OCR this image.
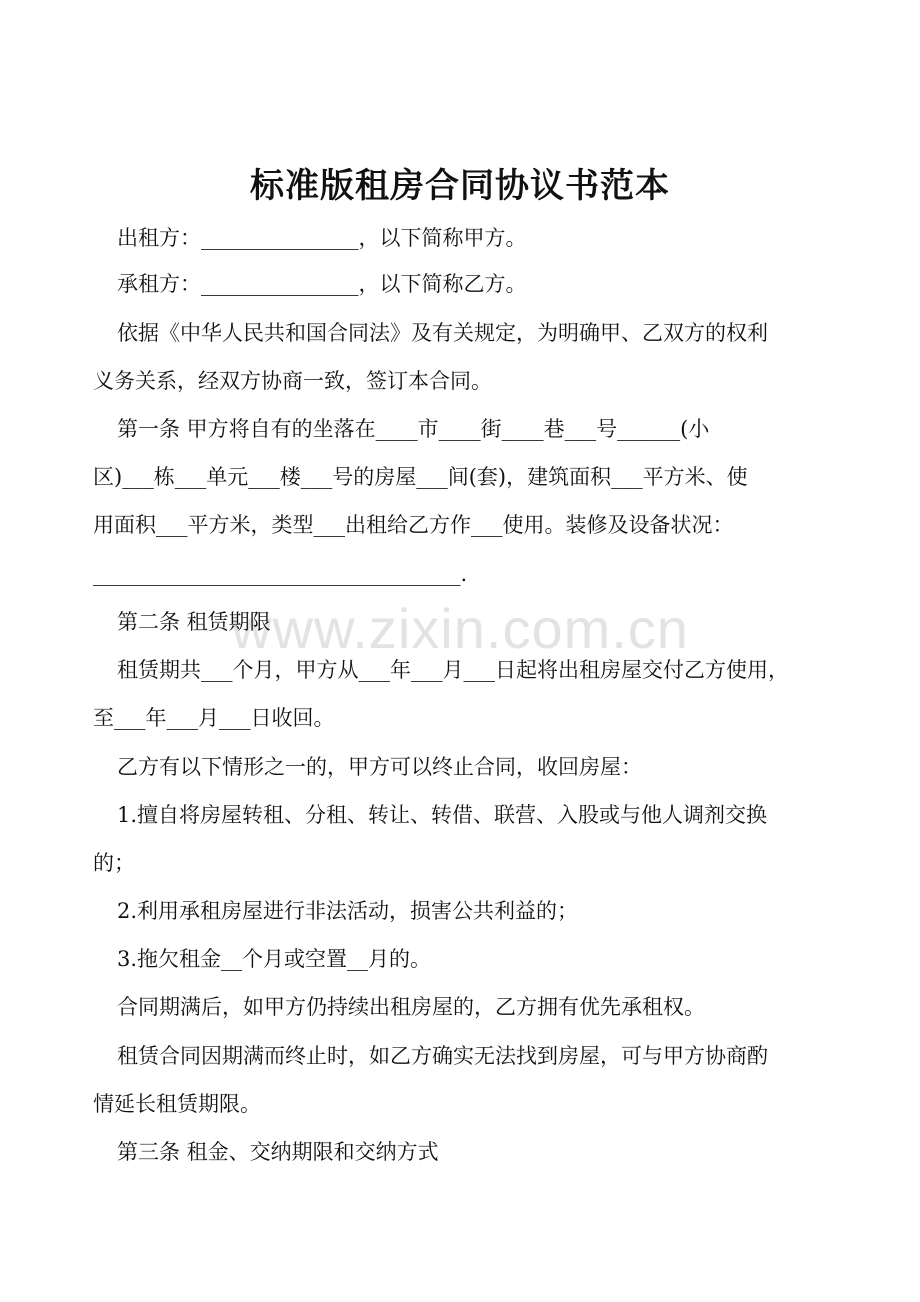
www.zixin.com.cn
标准版租房合同协议书范本
出租方：_______________，以下简称甲方。
承租方：_______________，以下简称乙方。
依据《中华人民共和国合同法》及有关规定，为明确甲、乙双方的权利
义务关系，经双方协商一致，签订本合同。
第一条 甲方将自有的坐落在____市____街____巷___号______(小
区)___栋___单元___楼___号的房屋___间(套)，建筑面积___平方米、使
用面积___平方米，类型___出租给乙方作___使用。装修及设备状况：
___________________________________.
第二条 租赁期限
租赁期共___个月，甲方从___年___月___日起将出租房屋交付乙方使用，
至___年___月___日收回。
乙方有以下情形之一的，甲方可以终止合同，收回房屋：
1.擅自将房屋转租、分租、转让、转借、联营、入股或与他人调剂交换
的；
2.利用承租房屋进行非法活动，损害公共利益的；
3.拖欠租金__个月或空置__月的。
合同期满后，如甲方仍持续出租房屋的，乙方拥有优先承租权。
租赁合同因期满而终止时，如乙方确实无法找到房屋，可与甲方协商酌
情延长租赁期限。
第三条 租金、交纳期限和交纳方式
